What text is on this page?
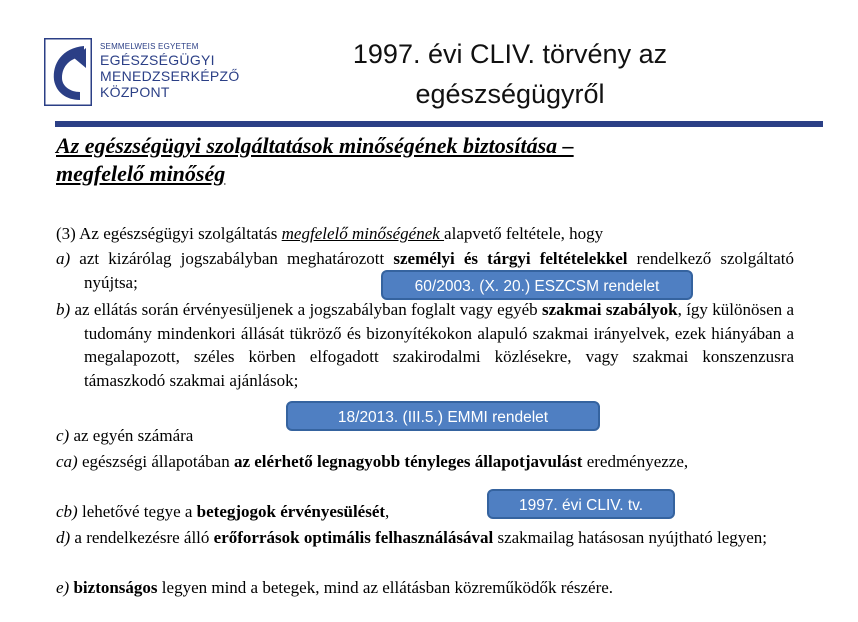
SEMMELWEIS EGYETEM
EGÉSZSÉGÜGYI
MENEDZSERKÉPZŐ
KÖZPONT
1997. évi CLIV. törvény az
egészségügyről
Az egészségügyi szolgáltatások minőségének biztosítása –
megfelelő minőség
(3) Az egészségügyi szolgáltatás megfelelő minőségének alapvető feltétele, hogy
a) azt kizárólag jogszabályban meghatározott személyi és tárgyi feltételekkel rendelkező szolgáltató nyújtsa;
b) az ellátás során érvényesüljenek a jogszabályban foglalt vagy egyéb szakmai szabályok, így különösen a tudomány mindenkori állását tükröző és bizonyítékokon alapuló szakmai irányelvek, ezek hiányában a megalapozott, széles körben elfogadott szakirodalmi közlésekre, vagy szakmai konszenzusra támaszkodó szakmai ajánlások;
c) az egyén számára
ca) egészségi állapotában az elérhető legnagyobb tényleges állapotjavulást eredményezze,
cb) lehetővé tegye a betegjogok érvényesülését,
d) a rendelkezésre álló erőforrások optimális felhasználásával szakmailag hatásosan nyújtható legyen;
e) biztonságos legyen mind a betegek, mind az ellátásban közreműködők részére.
60/2003. (X. 20.) ESZCSM rendelet
18/2013. (III.5.) EMMI rendelet
1997. évi CLIV. tv.
